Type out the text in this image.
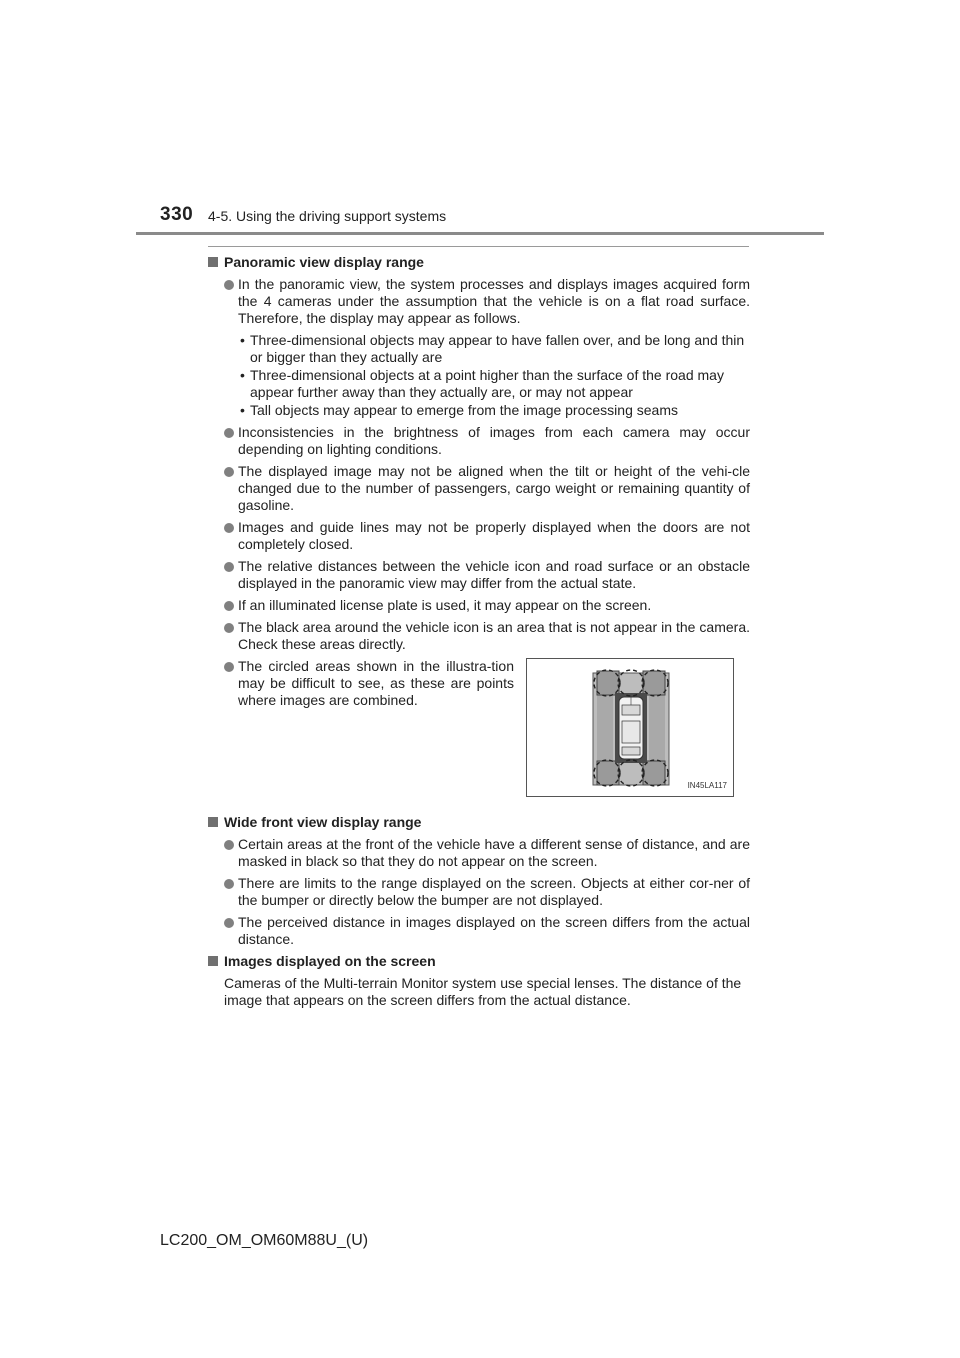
330 4-5. Using the driving support systems
Panoramic view display range
In the panoramic view, the system processes and displays images acquired form the 4 cameras under the assumption that the vehicle is on a flat road surface. Therefore, the display may appear as follows.
• Three-dimensional objects may appear to have fallen over, and be long and thin or bigger than they actually are
• Three-dimensional objects at a point higher than the surface of the road may appear further away than they actually are, or may not appear
• Tall objects may appear to emerge from the image processing seams
Inconsistencies in the brightness of images from each camera may occur depending on lighting conditions.
The displayed image may not be aligned when the tilt or height of the vehi-cle changed due to the number of passengers, cargo weight or remaining quantity of gasoline.
Images and guide lines may not be properly displayed when the doors are not completely closed.
The relative distances between the vehicle icon and road surface or an obstacle displayed in the panoramic view may differ from the actual state.
If an illuminated license plate is used, it may appear on the screen.
The black area around the vehicle icon is an area that is not appear in the camera. Check these areas directly.
The circled areas shown in the illustra-tion may be difficult to see, as these are points where images are combined.
IN45LA117
Wide front view display range
Certain areas at the front of the vehicle have a different sense of distance, and are masked in black so that they do not appear on the screen.
There are limits to the range displayed on the screen. Objects at either cor-ner of the bumper or directly below the bumper are not displayed.
The perceived distance in images displayed on the screen differs from the actual distance.
Images displayed on the screen
Cameras of the Multi-terrain Monitor system use special lenses. The distance of the image that appears on the screen differs from the actual distance.
LC200_OM_OM60M88U_(U)
